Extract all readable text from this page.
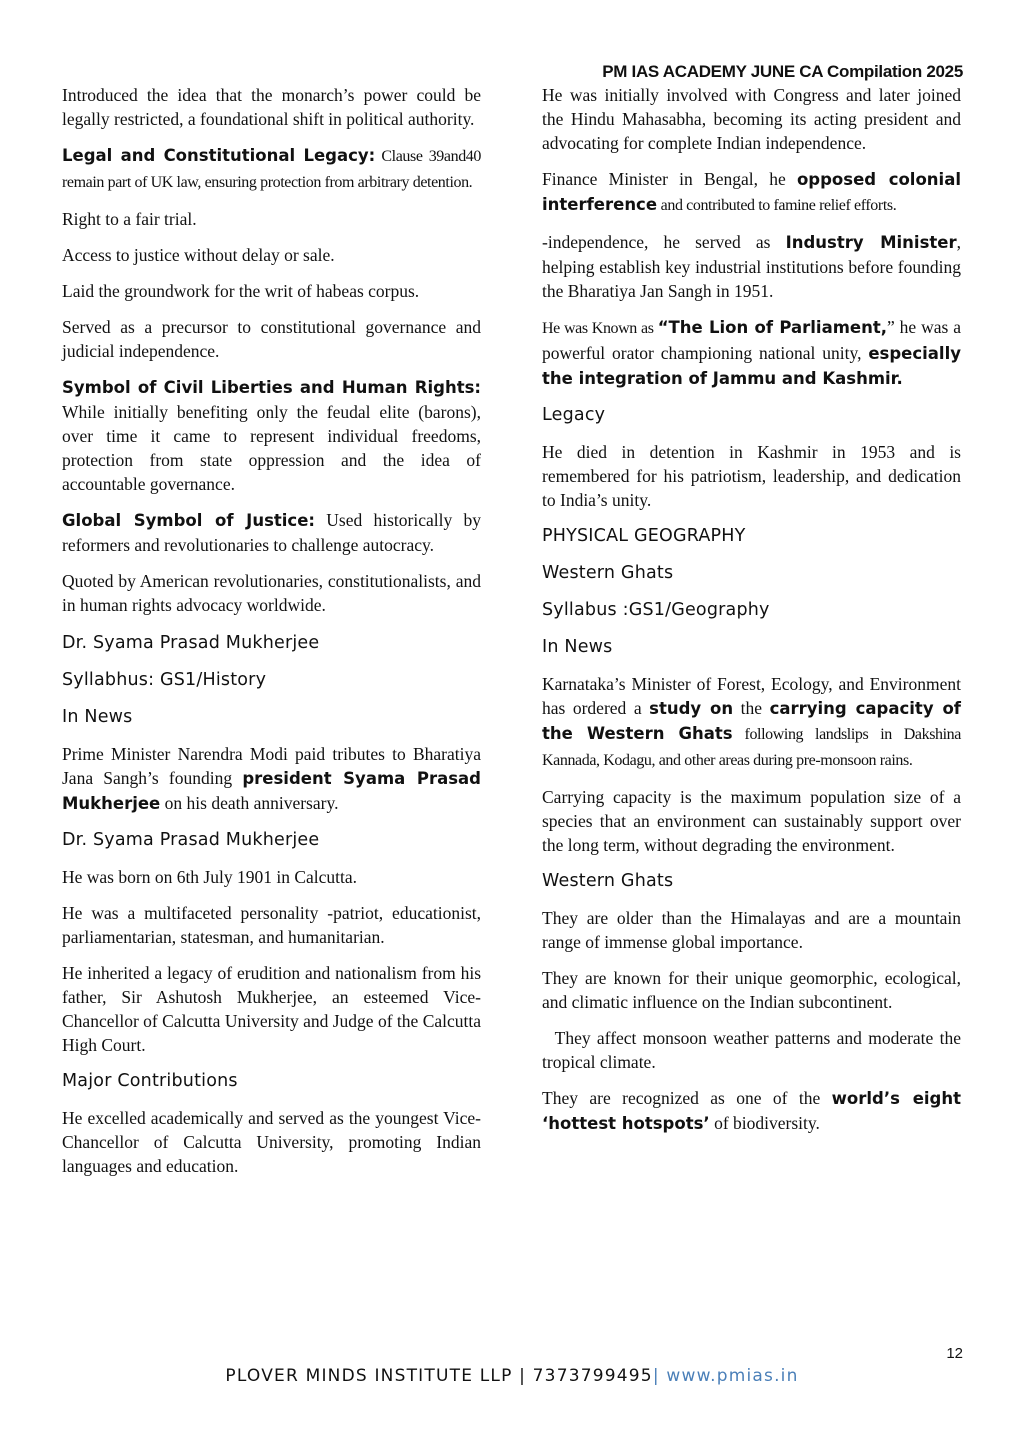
PM IAS ACADEMY JUNE CA Compilation 2025

Introduced the idea that the monarch’s power could be legally restricted, a foundational shift in political authority.

Legal and Constitutional Legacy: Clause 39and40 remain part of UK law, ensuring protection from arbitrary detention.

Right to a fair trial.

Access to justice without delay or sale.

Laid the groundwork for the writ of habeas corpus.

Served as a precursor to constitutional governance and judicial independence.

Symbol of Civil Liberties and Human Rights: While initially benefiting only the feudal elite (barons), over time it came to represent individual freedoms, protection from state oppression and the idea of accountable governance.

Global Symbol of Justice: Used historically by reformers and revolutionaries to challenge autocracy.

Quoted by American revolutionaries, constitutionalists, and in human rights advocacy worldwide.

Dr. Syama Prasad Mukherjee
Syllabhus: GS1/History
In News

Prime Minister Narendra Modi paid tributes to Bharatiya Jana Sangh’s founding president Syama Prasad Mukherjee on his death anniversary.

Dr. Syama Prasad Mukherjee

He was born on 6th July 1901 in Calcutta.

He was a multifaceted personality -patriot, educationist, parliamentarian, statesman, and humanitarian.

He inherited a legacy of erudition and nationalism from his father, Sir Ashutosh Mukherjee, an esteemed Vice-Chancellor of Calcutta University and Judge of the Calcutta High Court.

Major Contributions

He excelled academically and served as the youngest Vice-Chancellor of Calcutta University, promoting Indian languages and education.

He was initially involved with Congress and later joined the Hindu Mahasabha, becoming its acting president and advocating for complete Indian independence.

Finance Minister in Bengal, he opposed colonial interference and contributed to famine relief efforts.

-independence, he served as Industry Minister, helping establish key industrial institutions before founding the Bharatiya Jan Sangh in 1951.

He was Known as “The Lion of Parliament,” he was a powerful orator championing national unity, especially the integration of Jammu and Kashmir.

Legacy

He died in detention in Kashmir in 1953 and is remembered for his patriotism, leadership, and dedication to India’s unity.

PHYSICAL GEOGRAPHY
Western Ghats
Syllabus :GS1/Geography
In News

Karnataka’s Minister of Forest, Ecology, and Environment has ordered a study on the carrying capacity of the Western Ghats following landslips in Dakshina Kannada, Kodagu, and other areas during pre-monsoon rains.

Carrying capacity is the maximum population size of a species that an environment can sustainably support over the long term, without degrading the environment.

Western Ghats

They are older than the Himalayas and are a mountain range of immense global importance.

They are known for their unique geomorphic, ecological, and climatic influence on the Indian subcontinent.

They affect monsoon weather patterns and moderate the tropical climate.

They are recognized as one of the world’s eight ‘hottest hotspots’ of biodiversity.

12
PLOVER MINDS INSTITUTE LLP | 7373799495| www.pmias.in
